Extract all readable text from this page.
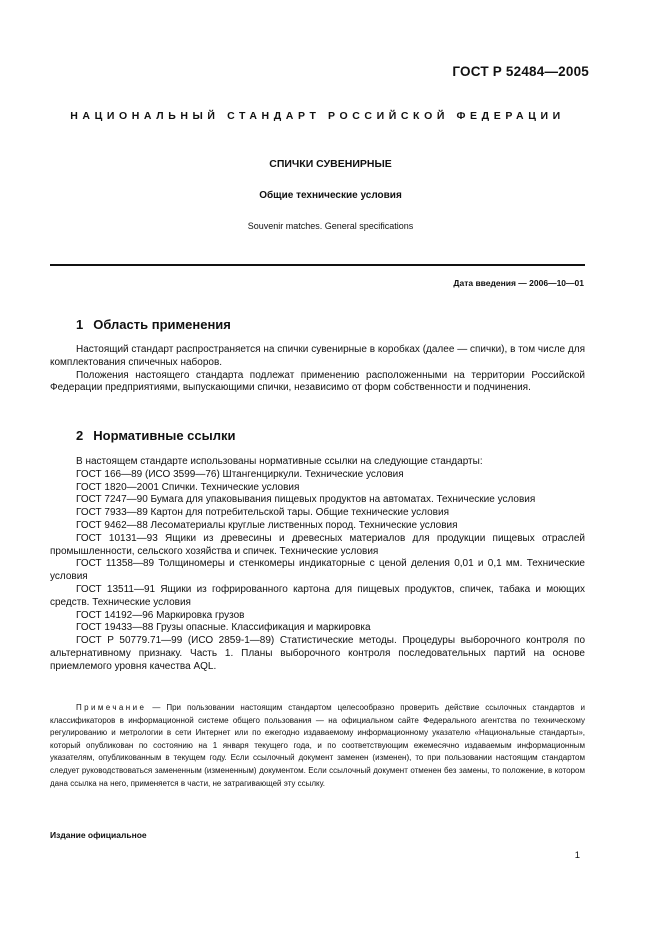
ГОСТ Р 52484—2005
НАЦИОНАЛЬНЫЙ СТАНДАРТ РОССИЙСКОЙ ФЕДЕРАЦИИ
СПИЧКИ СУВЕНИРНЫЕ
Общие технические условия
Souvenir matches. General specifications
Дата введения — 2006—10—01
1 Область применения

Настоящий стандарт распространяется на спички сувенирные в коробках (далее — спички), в том числе для комплектования спичечных наборов.

Положения настоящего стандарта подлежат применению расположенными на территории Российской Федерации предприятиями, выпускающими спички, независимо от форм собственности и подчинения.

2 Нормативные ссылки
В настоящем стандарте использованы нормативные ссылки на следующие стандарты:
ГОСТ 166—89 (ИСО 3599—76) Штангенциркули. Технические условия
ГОСТ 1820—2001 Спички. Технические условия
ГОСТ 7247—90 Бумага для упаковывания пищевых продуктов на автоматах. Технические условия
ГОСТ 7933—89 Картон для потребительской тары. Общие технические условия
ГОСТ 9462—88 Лесоматериалы круглые лиственных пород. Технические условия
ГОСТ 10131—93 Ящики из древесины и древесных материалов для продукции пищевых отраслей промышленности, сельского хозяйства и спичек. Технические условия
ГОСТ 11358—89 Толщиномеры и стенкомеры индикаторные с ценой деления 0,01 и 0,1 мм. Технические условия
ГОСТ 13511—91 Ящики из гофрированного картона для пищевых продуктов, спичек, табака и моющих средств. Технические условия
ГОСТ 14192—96 Маркировка грузов
ГОСТ 19433—88 Грузы опасные. Классификация и маркировка
ГОСТ Р 50779.71—99 (ИСО 2859-1—89) Статистические методы. Процедуры выборочного контроля по альтернативному признаку. Часть 1. Планы выборочного контроля последовательных партий на основе приемлемого уровня качества AQL.
Примечание — При пользовании настоящим стандартом целесообразно проверить действие ссылочных стандартов и классификаторов в информационной системе общего пользования — на официальном сайте Федерального агентства по техническому регулированию и метрологии в сети Интернет или по ежегодно издаваемому информационному указателю «Национальные стандарты», который опубликован по состоянию на 1 января текущего года, и по соответствующим ежемесячно издаваемым информационным указателям, опубликованным в текущем году. Если ссылочный документ заменен (изменен), то при пользовании настоящим стандартом следует руководствоваться замененным (измененным) документом. Если ссылочный документ отменен без замены, то положение, в котором дана ссылка на него, применяется в части, не затрагивающей эту ссылку.
Издание официальное
1
